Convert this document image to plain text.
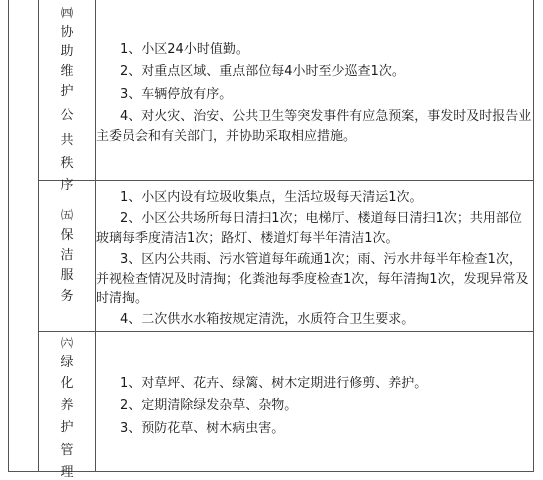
㈣
协
助
维
护
公
共
秩
序

1、小区24小时值勤。

2、对重点区域、重点部位每4小时至少巡查1次。

3、车辆停放有序。

4、对火灾、治安、公共卫生等突发事件有应急预案，事发时及时报告业主委员会和有关部门，并协助采取相应措施。

㈤
保
洁
服
务

1、小区内设有垃圾收集点，生活垃圾每天清运1次。

2、小区公共场所每日清扫1次；电梯厅、楼道每日清扫1次；共用部位玻璃每季度清洁1次；路灯、楼道灯每半年清洁1次。

3、区内公共雨、污水管道每年疏通1次；雨、污水井每半年检查1次，并视检查情况及时清掏；化粪池每季度检查1次，每年清掏1次，发现异常及时清掏。

4、二次供水水箱按规定清洗，水质符合卫生要求。

㈥
绿
化
养
护
管
理

1、对草坪、花卉、绿篱、树木定期进行修剪、养护。

2、定期清除绿发杂草、杂物。

3、预防花草、树木病虫害。
